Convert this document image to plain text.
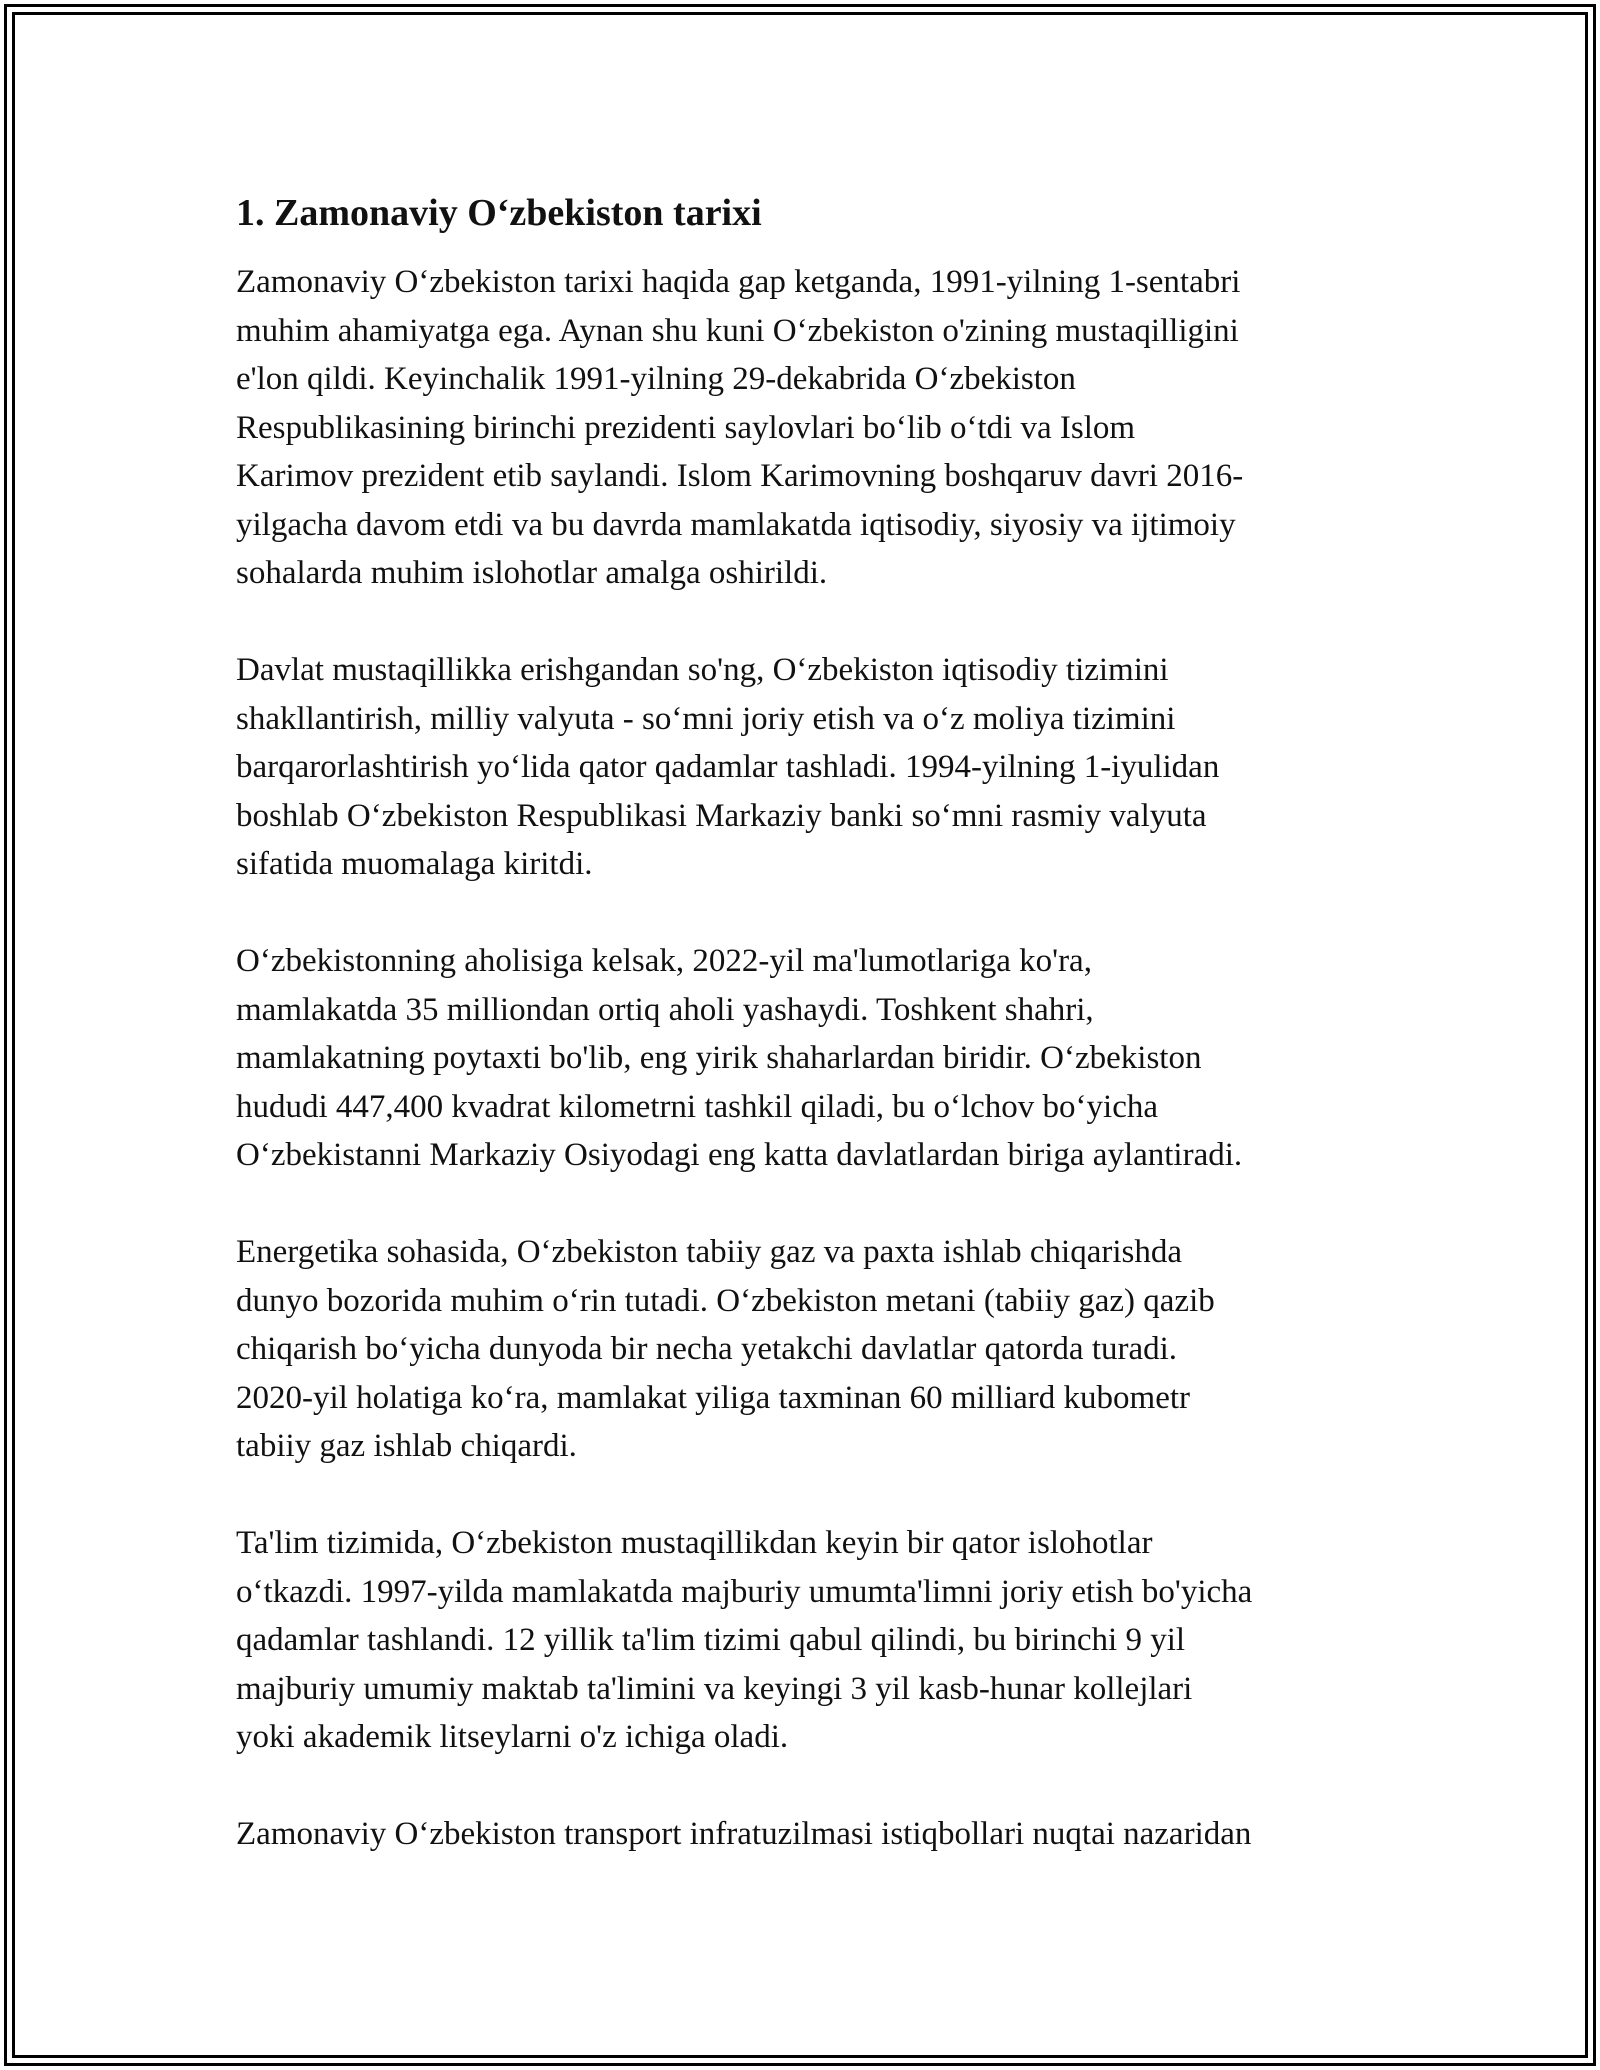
1. Zamonaviy O‘zbekiston tarixi

Zamonaviy O‘zbekiston tarixi haqida gap ketganda, 1991-yilning 1-sentabri
muhim ahamiyatga ega. Aynan shu kuni O‘zbekiston o'zining mustaqilligini
e'lon qildi. Keyinchalik 1991-yilning 29-dekabrida O‘zbekiston
Respublikasining birinchi prezidenti saylovlari bo‘lib o‘tdi va Islom
Karimov prezident etib saylandi. Islom Karimovning boshqaruv davri 2016-
yilgacha davom etdi va bu davrda mamlakatda iqtisodiy, siyosiy va ijtimoiy
sohalarda muhim islohotlar amalga oshirildi.

Davlat mustaqillikka erishgandan so'ng, O‘zbekiston iqtisodiy tizimini
shakllantirish, milliy valyuta - so‘mni joriy etish va o‘z moliya tizimini
barqarorlashtirish yo‘lida qator qadamlar tashladi. 1994-yilning 1-iyulidan
boshlab O‘zbekiston Respublikasi Markaziy banki so‘mni rasmiy valyuta
sifatida muomalaga kiritdi.

O‘zbekistonning aholisiga kelsak, 2022-yil ma'lumotlariga ko'ra,
mamlakatda 35 milliondan ortiq aholi yashaydi. Toshkent shahri,
mamlakatning poytaxti bo'lib, eng yirik shaharlardan biridir. O‘zbekiston
hududi 447,400 kvadrat kilometrni tashkil qiladi, bu o‘lchov bo‘yicha
O‘zbekistanni Markaziy Osiyodagi eng katta davlatlardan biriga aylantiradi.

Energetika sohasida, O‘zbekiston tabiiy gaz va paxta ishlab chiqarishda
dunyo bozorida muhim o‘rin tutadi. O‘zbekiston metani (tabiiy gaz) qazib
chiqarish bo‘yicha dunyoda bir necha yetakchi davlatlar qatorda turadi.
2020-yil holatiga ko‘ra, mamlakat yiliga taxminan 60 milliard kubometr
tabiiy gaz ishlab chiqardi.

Ta'lim tizimida, O‘zbekiston mustaqillikdan keyin bir qator islohotlar
o‘tkazdi. 1997-yilda mamlakatda majburiy umumta'limni joriy etish bo'yicha
qadamlar tashlandi. 12 yillik ta'lim tizimi qabul qilindi, bu birinchi 9 yil
majburiy umumiy maktab ta'limini va keyingi 3 yil kasb-hunar kollejlari
yoki akademik litseylarni o'z ichiga oladi.

Zamonaviy O‘zbekiston transport infratuzilmasi istiqbollari nuqtai nazaridan
